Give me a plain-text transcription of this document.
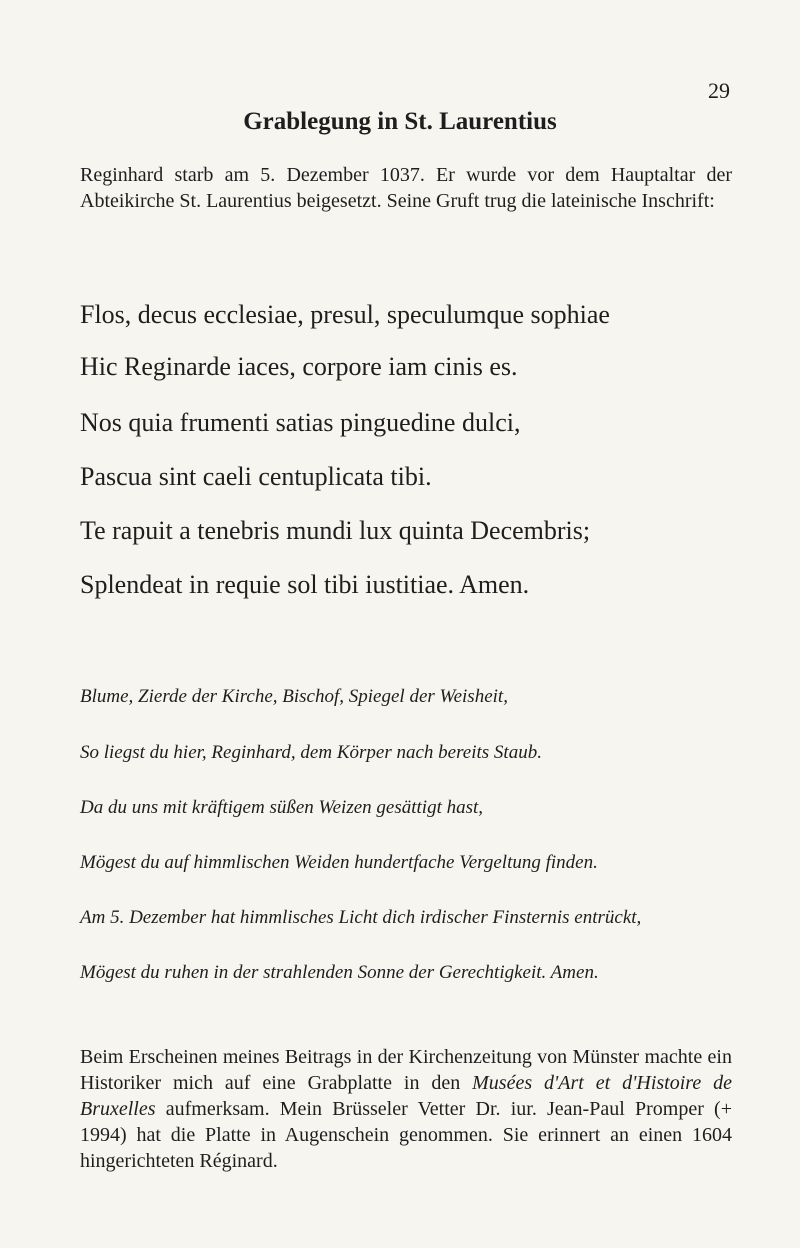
29
Grablegung in St. Laurentius

Reginhard starb am 5. Dezember 1037. Er wurde vor dem Hauptaltar der Abteikirche St. Laurentius beigesetzt. Seine Gruft trug die lateinische Inschrift:

Flos, decus ecclesiae, presul, speculumque sophiae
Hic Reginarde iaces, corpore iam cinis es.
Nos quia frumenti satias pinguedine dulci,
Pascua sint caeli centuplicata tibi.
Te rapuit a tenebris mundi lux quinta Decembris;
Splendeat in requie sol tibi iustitiae. Amen.
Blume, Zierde der Kirche, Bischof, Spiegel der Weisheit,
So liegst du hier, Reginhard, dem Körper nach bereits Staub.
Da du uns mit kräftigem süßen Weizen gesättigt hast,
Mögest du auf himmlischen Weiden hundertfache Vergeltung finden.
Am 5. Dezember hat himmlisches Licht dich irdischer Finsternis entrückt,
Mögest du ruhen in der strahlenden Sonne der Gerechtigkeit. Amen.

Beim Erscheinen meines Beitrags in der Kirchenzeitung von Münster machte ein Historiker mich auf eine Grabplatte in den Musées d'Art et d'Histoire de Bruxelles aufmerksam. Mein Brüsseler Vetter Dr. iur. Jean-Paul Promper (+ 1994) hat die Platte in Augenschein genommen. Sie erinnert an einen 1604 hingerichteten Réginard.
